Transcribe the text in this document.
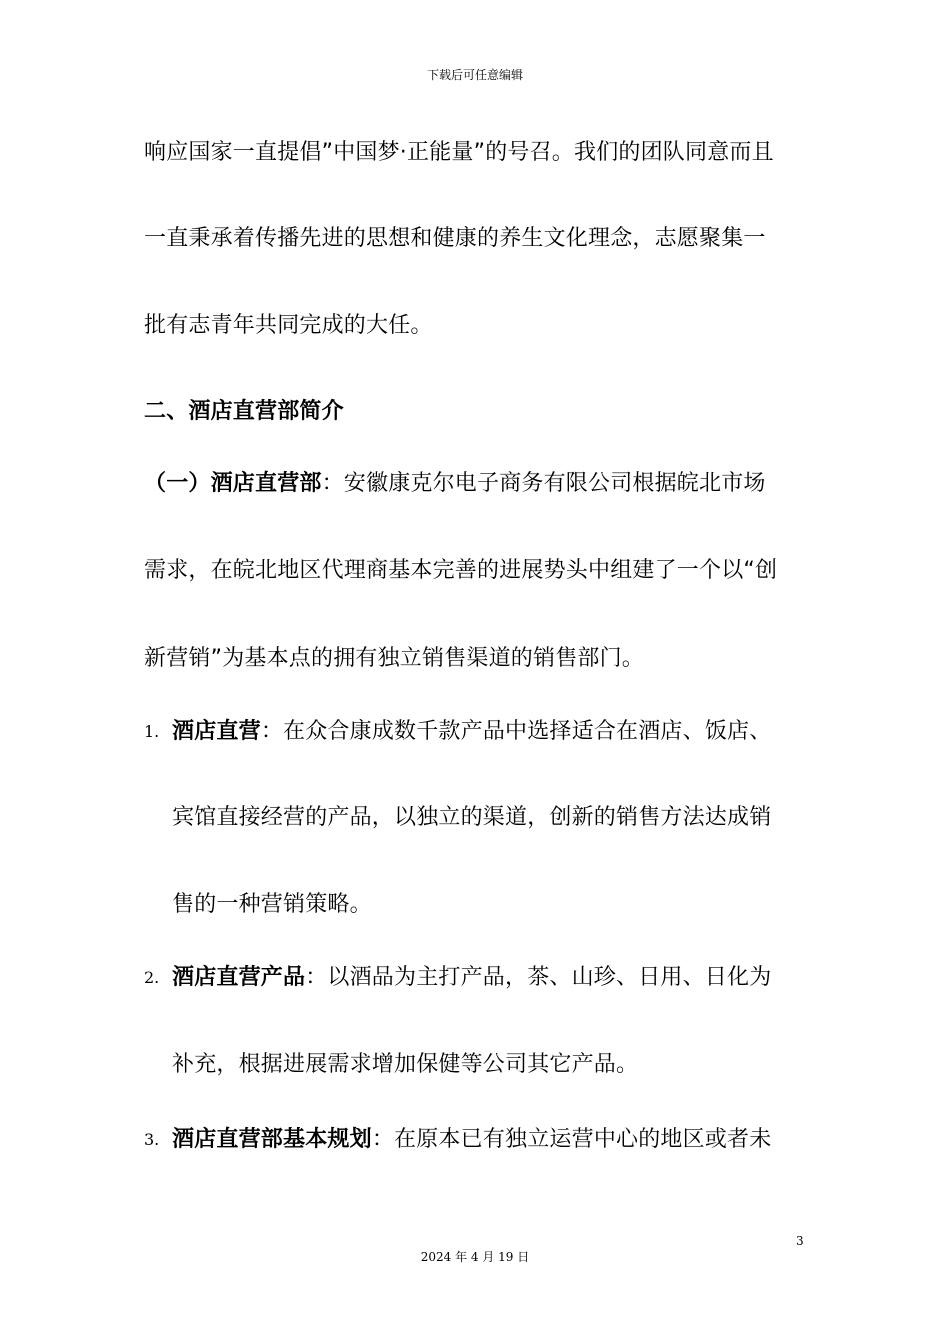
下载后可任意编辑
响应国家一直提倡”中国梦·正能量”的号召。我们的团队同意而且
一直秉承着传播先进的思想和健康的养生文化理念，志愿聚集一
批有志青年共同完成的大任。
二、酒店直营部简介
（一）酒店直营部：安徽康克尔电子商务有限公司根据皖北市场
需求，在皖北地区代理商基本完善的进展势头中组建了一个以“创
新营销”为基本点的拥有独立销售渠道的销售部门。
1. 酒店直营：在众合康成数千款产品中选择适合在酒店、饭店、
宾馆直接经营的产品，以独立的渠道，创新的销售方法达成销
售的一种营销策略。
2. 酒店直营产品：以酒品为主打产品，茶、山珍、日用、日化为
补充，根据进展需求增加保健等公司其它产品。
3. 酒店直营部基本规划：在原本已有独立运营中心的地区或者未
3
2024 年 4 月 19 日
